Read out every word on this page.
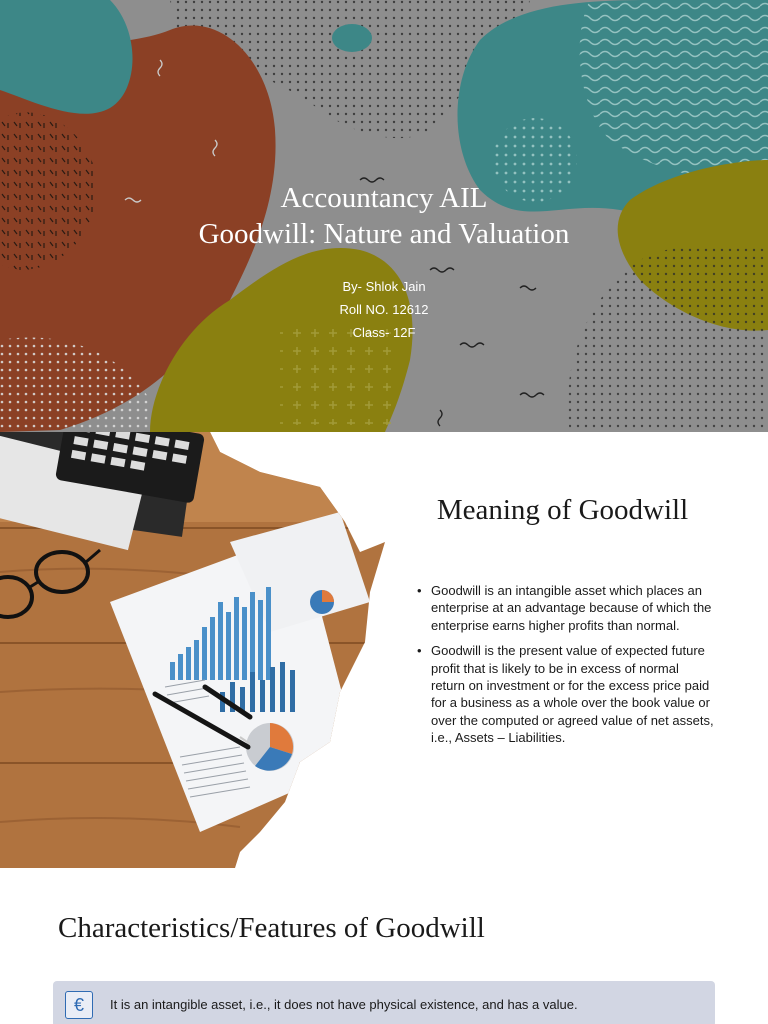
Accountancy AIL
Goodwill: Nature and Valuation
By- Shlok Jain
Roll NO. 12612
Class- 12F
Meaning of Goodwill
• Goodwill is an intangible asset which places an enterprise at an advantage because of which the enterprise earns higher profits than normal.
• Goodwill is the present value of expected future profit that is likely to be in excess of normal return on investment or for the excess price paid for a business as a whole over the book value or over the computed or agreed value of net assets, i.e., Assets – Liabilities.
Characteristics/Features of Goodwill
€	It is an intangible asset, i.e., it does not have physical existence, and has a value.
